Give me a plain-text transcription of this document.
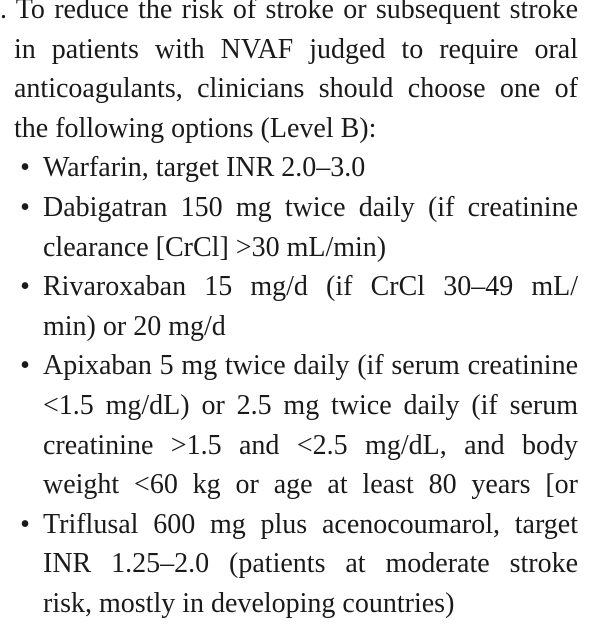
. To reduce the risk of stroke or subsequent stroke
in patients with NVAF judged to require oral
anticoagulants, clinicians should choose one of
the following options (Level B):
• Warfarin, target INR 2.0–3.0
• Dabigatran 150 mg twice daily (if creatinine
clearance [CrCl] >30 mL/min)
• Rivaroxaban 15 mg/d (if CrCl 30–49 mL/
min) or 20 mg/d
• Apixaban 5 mg twice daily (if serum creatinine
<1.5 mg/dL) or 2.5 mg twice daily (if serum
creatinine >1.5 and <2.5 mg/dL, and body
weight <60 kg or age at least 80 years [or
• Triflusal 600 mg plus acenocoumarol, target
INR 1.25–2.0 (patients at moderate stroke
risk, mostly in developing countries)
